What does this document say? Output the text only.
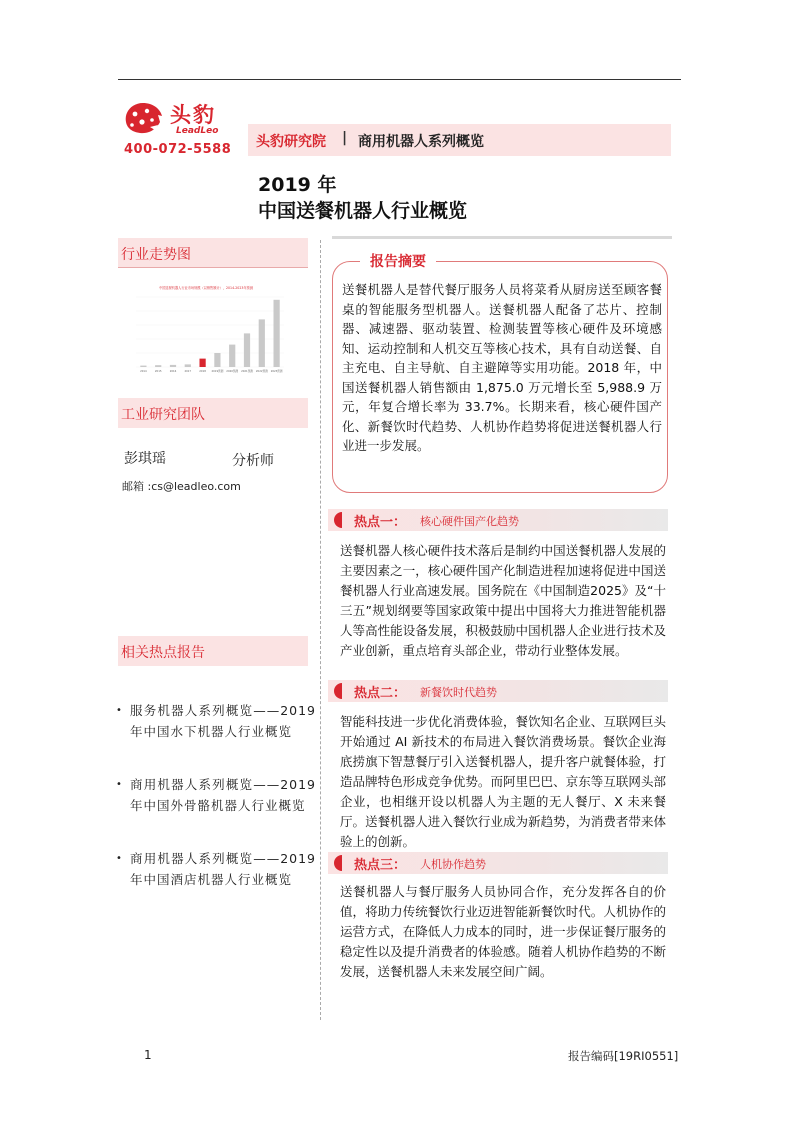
头豹
LeadLeo
400-072-5588 头豹研究院 | 商用机器人系列概览
2019 年
中国送餐机器人行业概览
行业走势图
中国送餐机器人行业市场规模（以销售额计），2014-2023年预测
2014	2015	2016	2017	2018 2019预测 2020预测 2021预测 2022预测 2023预测
工业研究团队
彭琪瑶	分析师
邮箱 :cs@leadleo.com
相关热点报告
• 服务机器人系列概览——2019 年中国水下机器人行业概览
• 商用机器人系列概览——2019 年中国外骨骼机器人行业概览
• 商用机器人系列概览——2019 年中国酒店机器人行业概览
报告摘要
送餐机器人是替代餐厅服务人员将菜肴从厨房送至顾客餐桌的智能服务型机器人。送餐机器人配备了芯片、控制器、减速器、驱动装置、检测装置等核心硬件及环境感知、运动控制和人机交互等核心技术，具有自动送餐、自主充电、自主导航、自主避障等实用功能。2018 年，中国送餐机器人销售额由 1,875.0 万元增长至 5,988.9 万元，年复合增长率为 33.7%。长期来看，核心硬件国产化、新餐饮时代趋势、人机协作趋势将促进送餐机器人行业进一步发展。
热点一： 核心硬件国产化趋势
送餐机器人核心硬件技术落后是制约中国送餐机器人发展的主要因素之一，核心硬件国产化制造进程加速将促进中国送餐机器人行业高速发展。国务院在《中国制造2025》及“十三五”规划纲要等国家政策中提出中国将大力推进智能机器人等高性能设备发展，积极鼓励中国机器人企业进行技术及产业创新，重点培育头部企业，带动行业整体发展。
热点二： 新餐饮时代趋势
智能科技进一步优化消费体验，餐饮知名企业、互联网巨头开始通过 AI 新技术的布局进入餐饮消费场景。餐饮企业海底捞旗下智慧餐厅引入送餐机器人，提升客户就餐体验，打造品牌特色形成竞争优势。而阿里巴巴、京东等互联网头部企业，也相继开设以机器人为主题的无人餐厅、X 未来餐厅。送餐机器人进入餐饮行业成为新趋势，为消费者带来体验上的创新。
热点三： 人机协作趋势
送餐机器人与餐厅服务人员协同合作，充分发挥各自的价值，将助力传统餐饮行业迈进智能新餐饮时代。人机协作的运营方式，在降低人力成本的同时，进一步保证餐厅服务的稳定性以及提升消费者的体验感。随着人机协作趋势的不断发展，送餐机器人未来发展空间广阔。
1	报告编码[19RI0551]
